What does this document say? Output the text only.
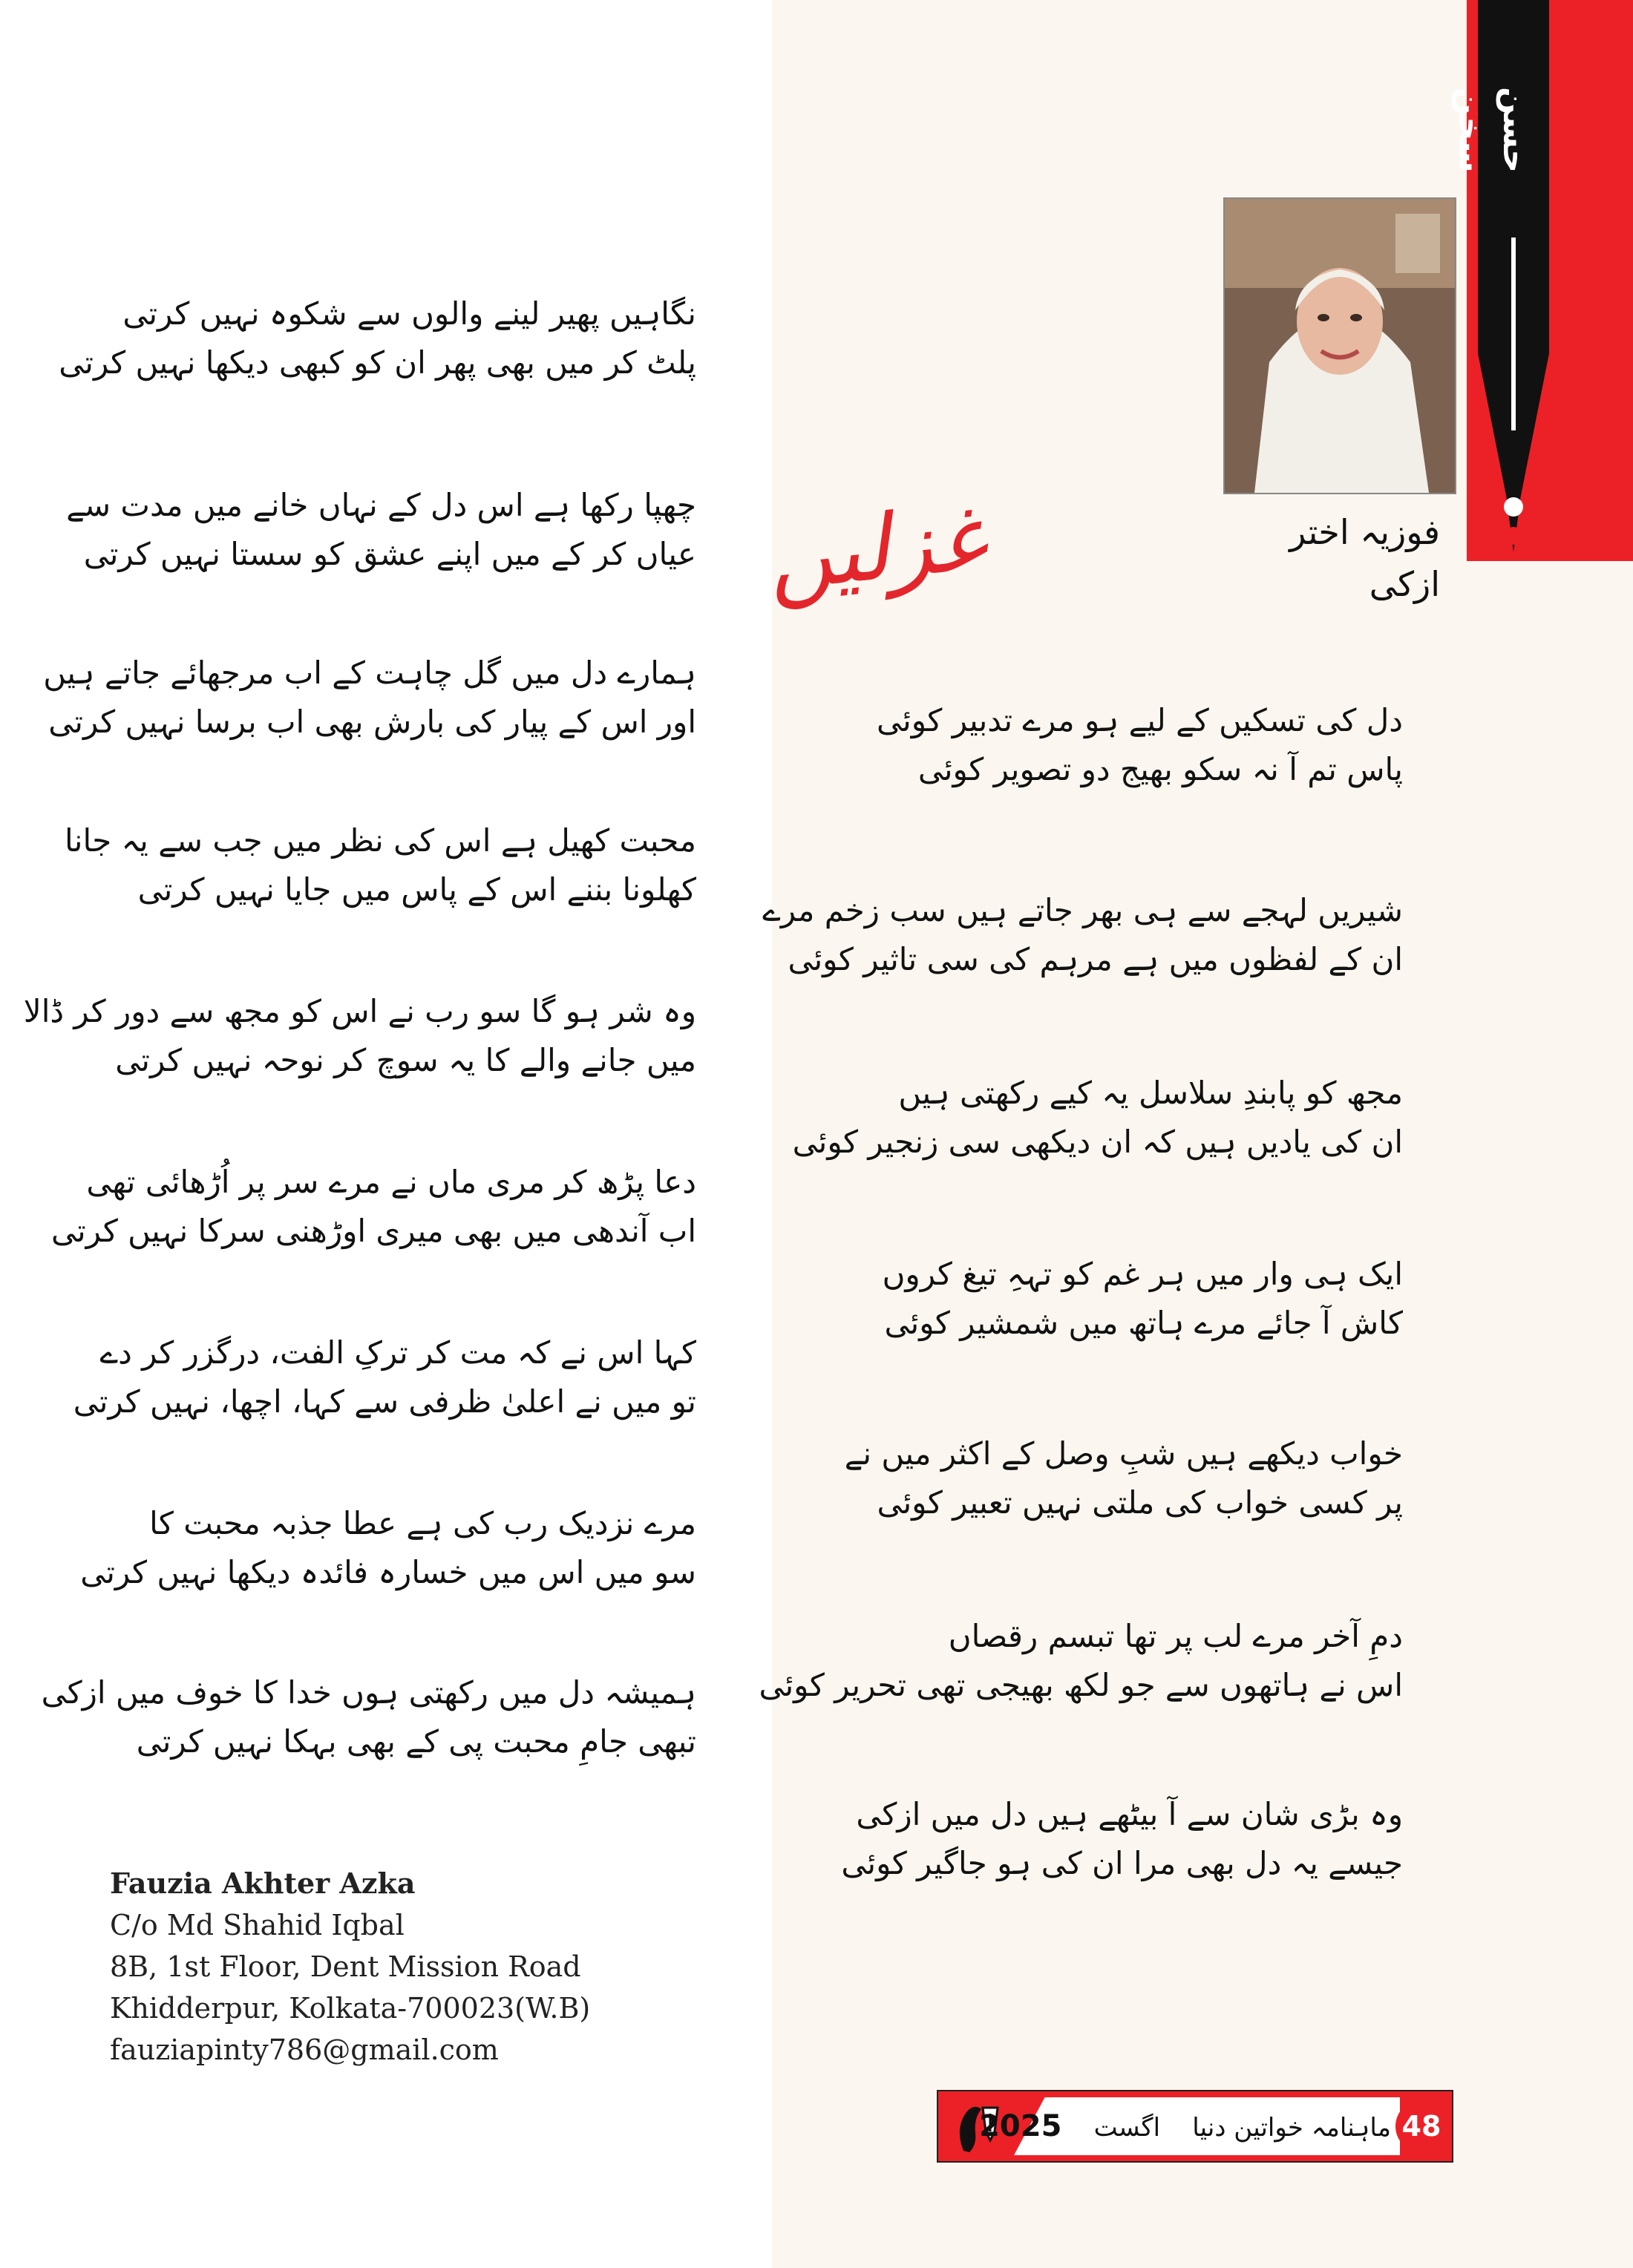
حسن سخن
فوزیہ اختر ازکی
غزلیں
دل کی تسکیں کے لیے ہو مرے تدبیر کوئی
پاس تم آ نہ سکو بھیج دو تصویر کوئی
شیریں لہجے سے ہی بھر جاتے ہیں سب زخم مرے
ان کے لفظوں میں ہے مرہم کی سی تاثیر کوئی
مجھ کو پابندِ سلاسل یہ کیے رکھتی ہیں
ان کی یادیں ہیں کہ ان دیکھی سی زنجیر کوئی
ایک ہی وار میں ہر غم کو تہہِ تیغ کروں
کاش آ جائے مرے ہاتھ میں شمشیر کوئی
خواب دیکھے ہیں شبِ وصل کے اکثر میں نے
پر کسی خواب کی ملتی نہیں تعبیر کوئی
دمِ آخر مرے لب پر تھا تبسم رقصاں
اس نے ہاتھوں سے جو لکھ بھیجی تھی تحریر کوئی
وہ بڑی شان سے آ بیٹھے ہیں دل میں ازکی
جیسے یہ دل بھی مرا ان کی ہو جاگیر کوئی
نگاہیں پھیر لینے والوں سے شکوہ نہیں کرتی
پلٹ کر میں بھی پھر ان کو کبھی دیکھا نہیں کرتی
چھپا رکھا ہے اس دل کے نہاں خانے میں مدت سے
عیاں کر کے میں اپنے عشق کو سستا نہیں کرتی
ہمارے دل میں گل چاہت کے اب مرجھائے جاتے ہیں
اور اس کے پیار کی بارش بھی اب برسا نہیں کرتی
محبت کھیل ہے اس کی نظر میں جب سے یہ جانا
کھلونا بننے اس کے پاس میں جایا نہیں کرتی
وہ شر ہو گا سو رب نے اس کو مجھ سے دور کر ڈالا
میں جانے والے کا یہ سوچ کر نوحہ نہیں کرتی
دعا پڑھ کر مری ماں نے مرے سر پر اُڑھائی تھی
اب آندھی میں بھی میری اوڑھنی سرکا نہیں کرتی
کہا اس نے کہ مت کر ترکِ الفت، درگزر کر دے
تو میں نے اعلیٰ ظرفی سے کہا، اچھا، نہیں کرتی
مرے نزدیک رب کی ہے عطا جذبہ محبت کا
سو میں اس میں خسارہ فائدہ دیکھا نہیں کرتی
ہمیشہ دل میں رکھتی ہوں خدا کا خوف میں ازکی
تبھی جامِ محبت پی کے بھی بہکا نہیں کرتی
Fauzia Akhter Azka
C/o Md Shahid Iqbal
8B, 1st Floor, Dent Mission Road
Khidderpur, Kolkata-700023(W.B)
fauziapinty786@gmail.com
ماہنامہ خواتین دنیا    اگست    2025	48
